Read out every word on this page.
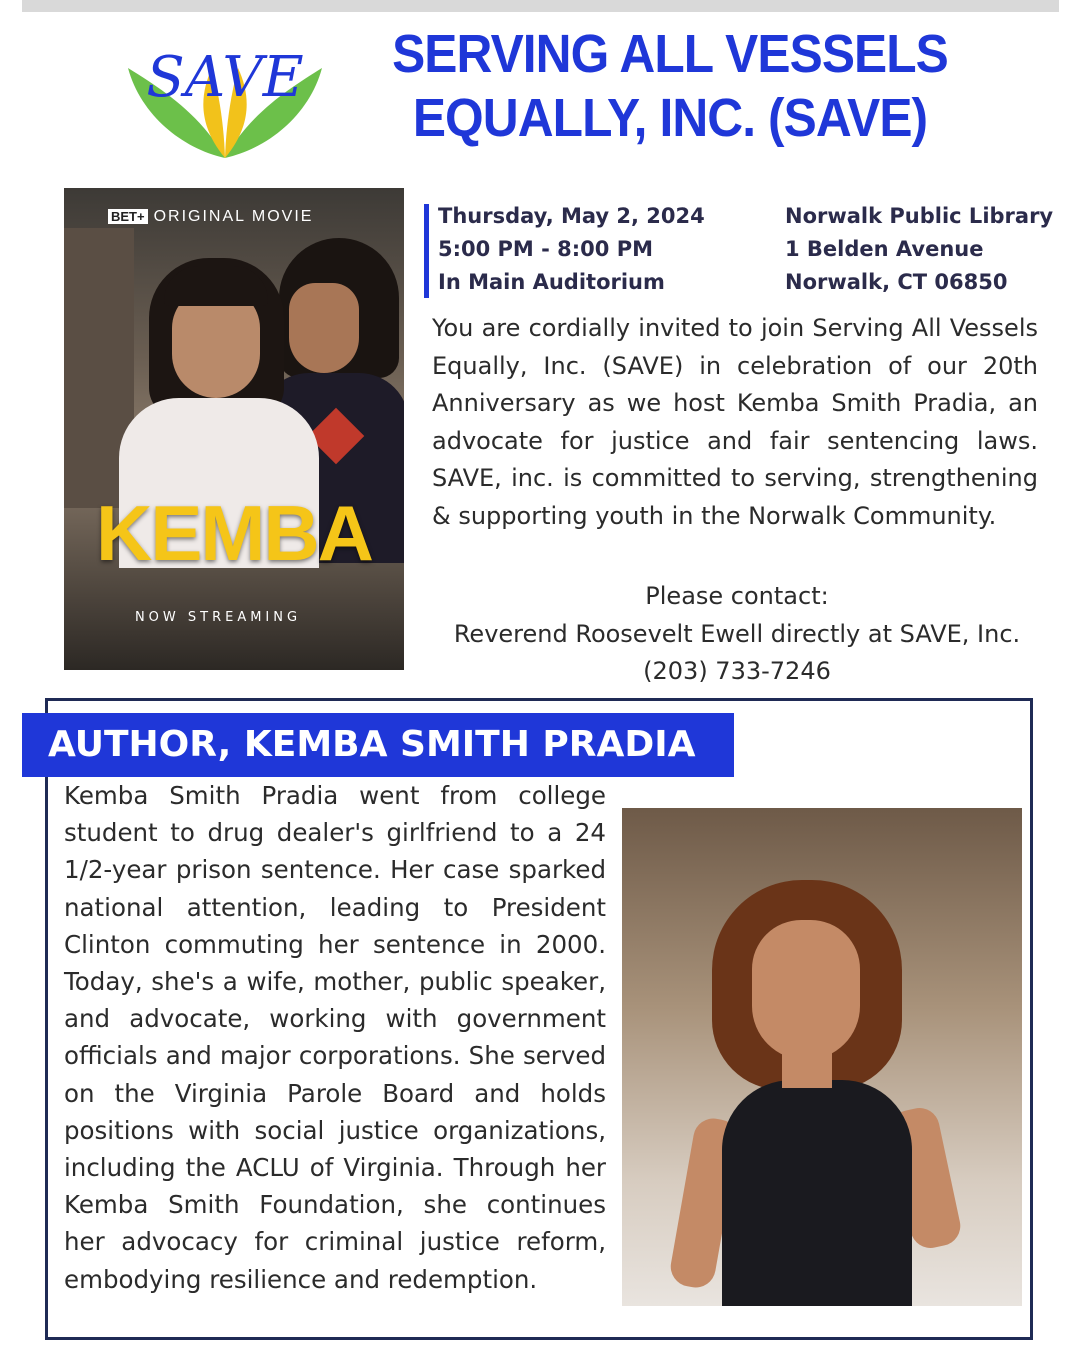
SAVE	SERVING ALL VESSELS
EQUALLY, INC. (SAVE)
BET+ ORIGINAL MOVIE
KEMBA
NOW STREAMING
Thursday, May 2, 2024
5:00 PM - 8:00 PM
In Main Auditorium
Norwalk Public Library
1 Belden Avenue
Norwalk, CT 06850
You are cordially invited to join Serving All Vessels Equally, Inc. (SAVE) in celebration of our 20th Anniversary as we host Kemba Smith Pradia, an advocate for justice and fair sentencing laws. SAVE, inc. is committed to serving, strengthening & supporting youth in the Norwalk Community.
Please contact:
Reverend Roosevelt Ewell directly at SAVE, Inc.
(203) 733-7246
AUTHOR, KEMBA SMITH PRADIA
Kemba Smith Pradia went from college student to drug dealer's girlfriend to a 24 1/2-year prison sentence. Her case sparked national attention, leading to President Clinton commuting her sentence in 2000. Today, she's a wife, mother, public speaker, and advocate, working with government officials and major corporations. She served on the Virginia Parole Board and holds positions with social justice organizations, including the ACLU of Virginia. Through her Kemba Smith Foundation, she continues her advocacy for criminal justice reform, embodying resilience and redemption.
